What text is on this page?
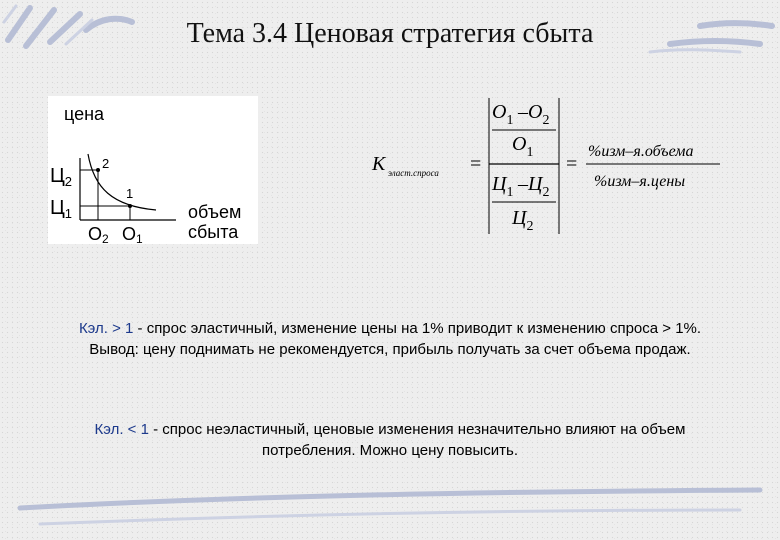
Тема 3.4 Ценовая стратегия сбыта
цена
2
1
$Ц_2$
$Ц_1$
О2 О1
объем
сбыта
К эласт.спроса =
$О_1 - О_2$
$О_1$
$Ц_1 - Ц_2$
$Ц_2$
=
%изм–я.объема
%изм–я.цены

Кэл. > 1 - спрос эластичный, изменение цены на 1% приводит к изменению спроса > 1%.

Вывод: цену поднимать не рекомендуется, прибыль получать за счет объема продаж.

Кэл. < 1 - спрос неэластичный, ценовые изменения незначительно влияют на объем

потребления. Можно цену повысить.
